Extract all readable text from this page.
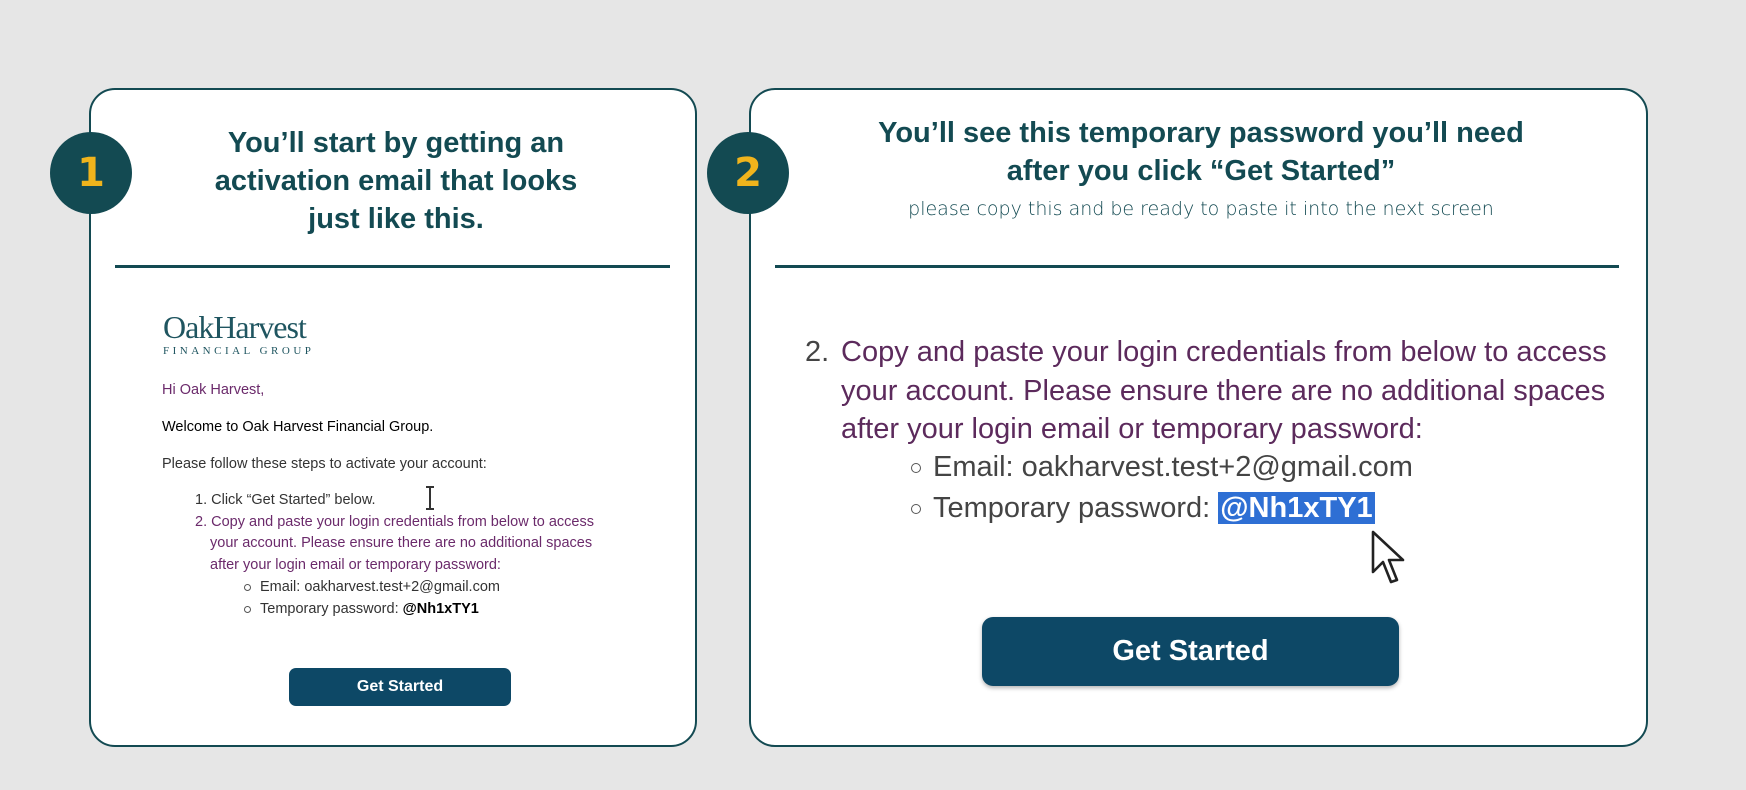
You’ll start by getting an
activation email that looks
just like this.
OakHarvest
FINANCIAL GROUP
Hi Oak Harvest,
Welcome to Oak Harvest Financial Group.
Please follow these steps to activate your account:
1. Click “Get Started” below.
2. Copy and paste your login credentials from below to access
your account. Please ensure there are no additional spaces
after your login email or temporary password:
Email: oakharvest.test+2@gmail.com
Temporary password: @Nh1xTY1
Get Started
1
You’ll see this temporary password you’ll need
after you click “Get Started”
please copy this and be ready to paste it into the next screen
2. Copy and paste your login credentials from below to access
your account. Please ensure there are no additional spaces
after your login email or temporary password:
Email: oakharvest.test+2@gmail.com
Temporary password: @Nh1xTY1
Get Started
2
